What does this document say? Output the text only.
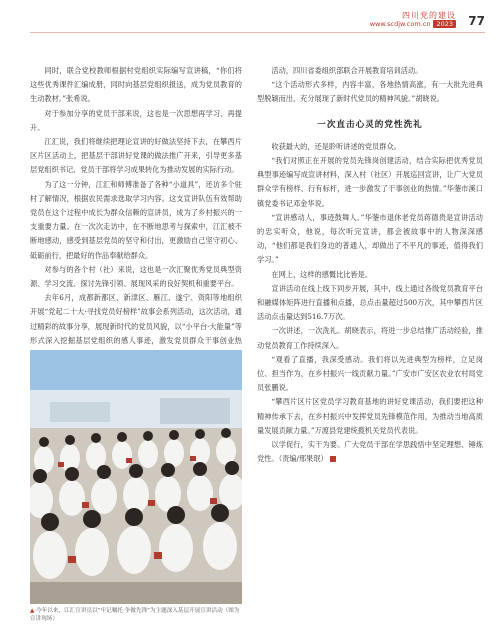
四川党的建设
www.scdjw.com.cn 2023 77

同时，联合党校教师根据村党组织实际编写宣讲稿，“你们将这些优秀课件汇编成册，同时向基层党组织报送，成为党员教育的生动教材。”张希说。

对于参加分享的党员干部来说，这也是一次思想再学习、再提升。

江汇说，我们将继续把理论宣讲的好做法坚持下去，在攀西片区片区活动上，把基层干部讲好党课的做法推广开来，引导更多基层党组织书记、党员干部将学习成果转化为推动发展的实际行动。

为了这一分钟，江汇和师傅准备了各种“小道具”，还访多个驻村了解情况，根据农民需求选取学习内容。这支宣讲队伍有效帮助党员在这个过程中成长为群众信赖的宣讲员，成为了乡村振兴的一支重要力量。在一次次走访中，在不断地思考与探索中，江汇被不断地感动，感受到基层党员的坚守和付出，更激励自己坚守初心、砥砺前行，把最好的作品奉献给群众。

对参与的各个村（社）来说，这也是一次汇聚优秀党员典型资源、学习交流、探讨先锋引领、展现风采的良好契机和重要平台。

去年6月，成都新都区、新津区、雁江、遂宁、资阳等地组织开展“党起二十大·寻找党员好榜样”故事会系列活动，这次活动，通过精彩的故事分享，展现新时代的党员风貌，以“小平台·大能量”等形式深入挖掘基层党组织的感人事迹，激发党员群众干事创业热

▲ 今年以来，江汇宣讲员以“牢记嘱托·争做先锋”为主题深入基层开展宣讲活动（图为宣讲现场）

活动，四川省委组织部联合开展教育培训活动。

“这个活动形式多样，内容丰富，各地热情高涨，有一大批先进典型脱颖而出，充分展现了新时代党员的精神风貌。”胡晓说。

一次直击心灵的党性洗礼

收获最大的，还是聆听讲述的党员群众。

“我们对照正在开展的党员先锋岗创建活动，结合实际把优秀党员典型事迹编写成宣讲材料，深入村（社区）开展巡回宣讲，让广大党员群众学有榜样、行有标杆，进一步激发了干事创业的热情。”华蓥市溪口镇党委书记邓金华说。

“宣讲感动人，事迹鼓舞人。”华蓥市退休老党员蒋德贵是宣讲活动的忠实听众，他说，每次听完宣讲，都会被故事中的人物深深感动，“他们都是我们身边的普通人，却做出了不平凡的事迹，值得我们学习。”

在网上，这样的感慨比比皆是。

宣讲活动在线上线下同步开展，其中，线上通过各级党员教育平台和融媒体矩阵进行直播和点播，总点击量超过500万次，其中攀西片区活动点击量达到516.7万次。

一次讲述，一次洗礼。胡晓表示，将进一步总结推广活动经验，推动党员教育工作持续深入。

“观看了直播，我深受感动。我们将以先进典型为榜样，立足岗位、担当作为，在乡村振兴一线贡献力量。”广安市广安区农业农村局党员张鹏说。

“攀西片区片区党员学习教育基地的讲好党课活动，我们要把这种精神传承下去，在乡村振兴中发挥党员先锋模范作用，为推动当地高质量发展贡献力量。”万渡县党建统揽机关党员代表说。

以学促行，实干为要。广大党员干部在学思践悟中坚定理想、锤炼党性。（责编/邢果珉）
